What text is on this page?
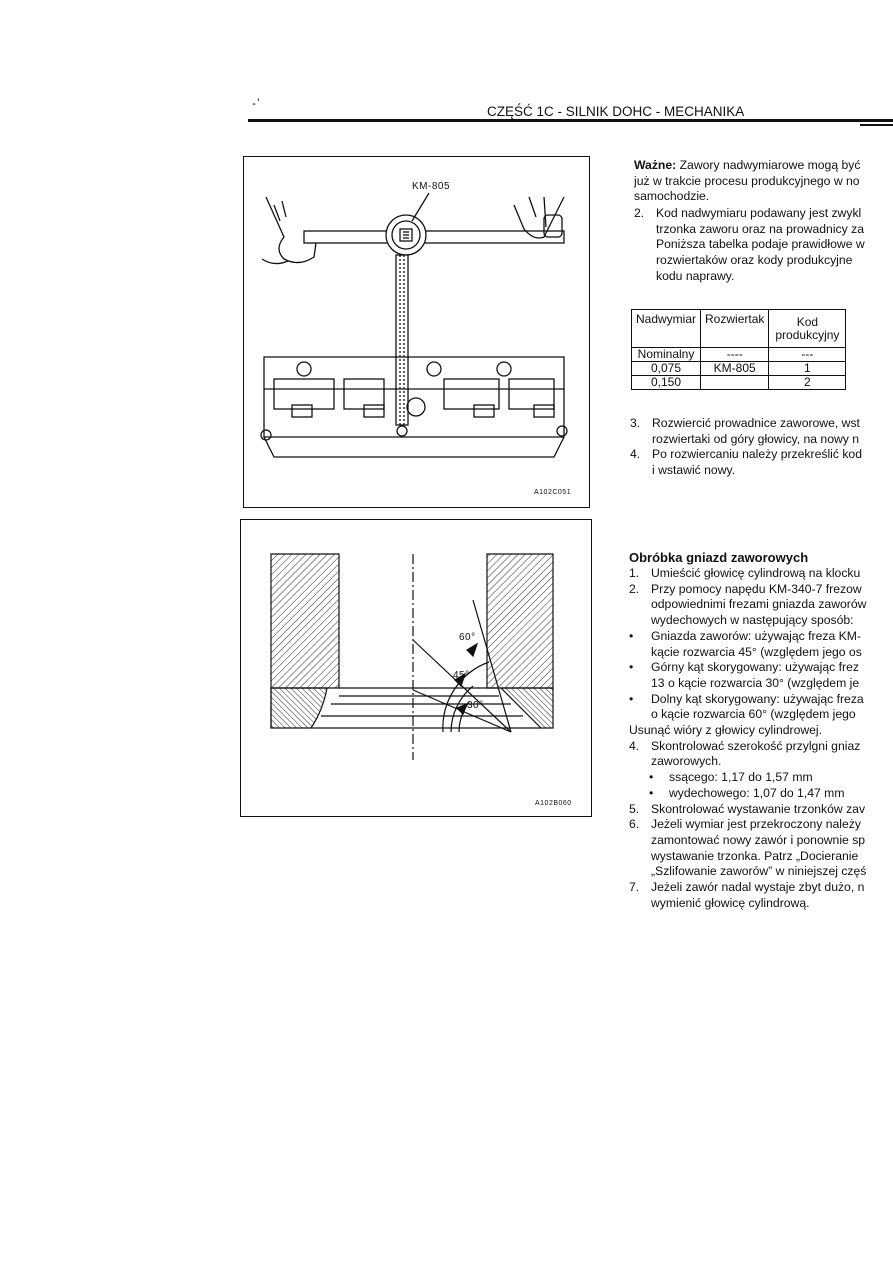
-’
CZĘŚĆ 1C - SILNIK DOHC - MECHANIKA
KM-805
A102C051
60°
45°
30°
A102B060
Ważne: Zawory nadwymiarowe mogą być
już w trakcie procesu produkcyjnego w no
samochodzie.
2. Kod nadwymiaru podawany jest zwykl
trzonka zaworu oraz na prowadnicy za
Poniższa tabelka podaje prawidłowe w
rozwiertaków oraz kody produkcyjne
kodu naprawy.
Nadwymiar	Rozwiertak	Kod
produkcyjny

Nominalny	----	---
0,075	KM-805	1
0,150		2
3. Rozwiercić prowadnice zaworowe, wst
rozwiertaki od góry głowicy, na nowy n
4. Po rozwiercaniu należy przekreślić kod
i wstawić nowy.
Obróbka gniazd zaworowych
1. Umieścić głowicę cylindrową na klocku
2. Przy pomocy napędu KM-340-7 frezow
odpowiednimi frezami gniazda zaworów
wydechowych w następujący sposób:
• Gniazda zaworów: używając freza KM-
kącie rozwarcia 45° (względem jego os
• Górny kąt skorygowany: używając frez
13 o kącie rozwarcia 30° (względem je
• Dolny kąt skorygowany: używając freza
o kącie rozwarcia 60° (względem jego
Usunąć wióry z głowicy cylindrowej.
4. Skontrolować szerokość przylgni gniaz
zaworowych.
• ssącego: 1,17 do 1,57 mm
• wydechowego: 1,07 do 1,47 mm
5. Skontrolować wystawanie trzonków zav
6. Jeżeli wymiar jest przekroczony należy
zamontować nowy zawór i ponownie sp
wystawanie trzonka. Patrz „Docieranie
„Szlifowanie zaworów” w niniejszej częś
7. Jeżeli zawór nadal wystaje zbyt dużo, n
wymienić głowicę cylindrową.
